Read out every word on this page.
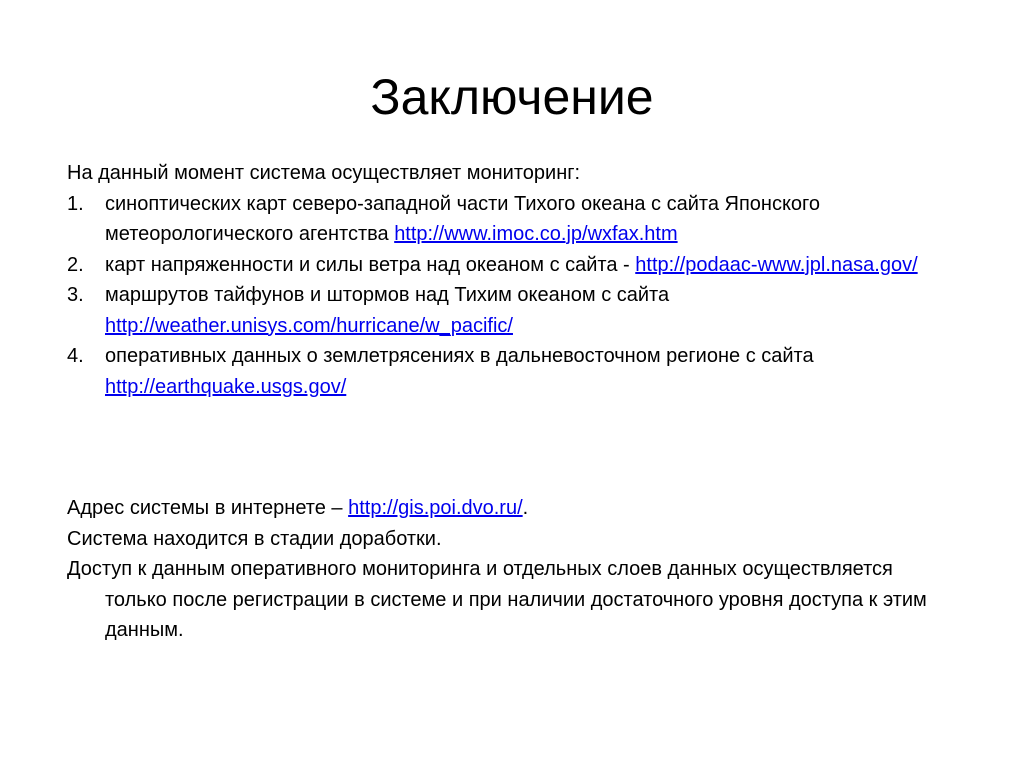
Заключение

На данный момент система осуществляет мониторинг:

1. синоптических карт северо-западной части Тихого океана с сайта Японского метеорологического агентства http://www.imoc.co.jp/wxfax.htm
2. карт напряженности и силы ветра над океаном с сайта - http://podaac-www.jpl.nasa.gov/
3. маршрутов тайфунов и штормов над Тихим океаном с сайта http://weather.unisys.com/hurricane/w_pacific/
4. оперативных данных о землетрясениях в дальневосточном регионе с сайта http://earthquake.usgs.gov/

Адрес системы в интернете – http://gis.poi.dvo.ru/.

Система находится в стадии доработки.

Доступ к данным оперативного мониторинга и отдельных слоев данных осуществляется только после регистрации в системе и при наличии достаточного уровня доступа к этим данным.
